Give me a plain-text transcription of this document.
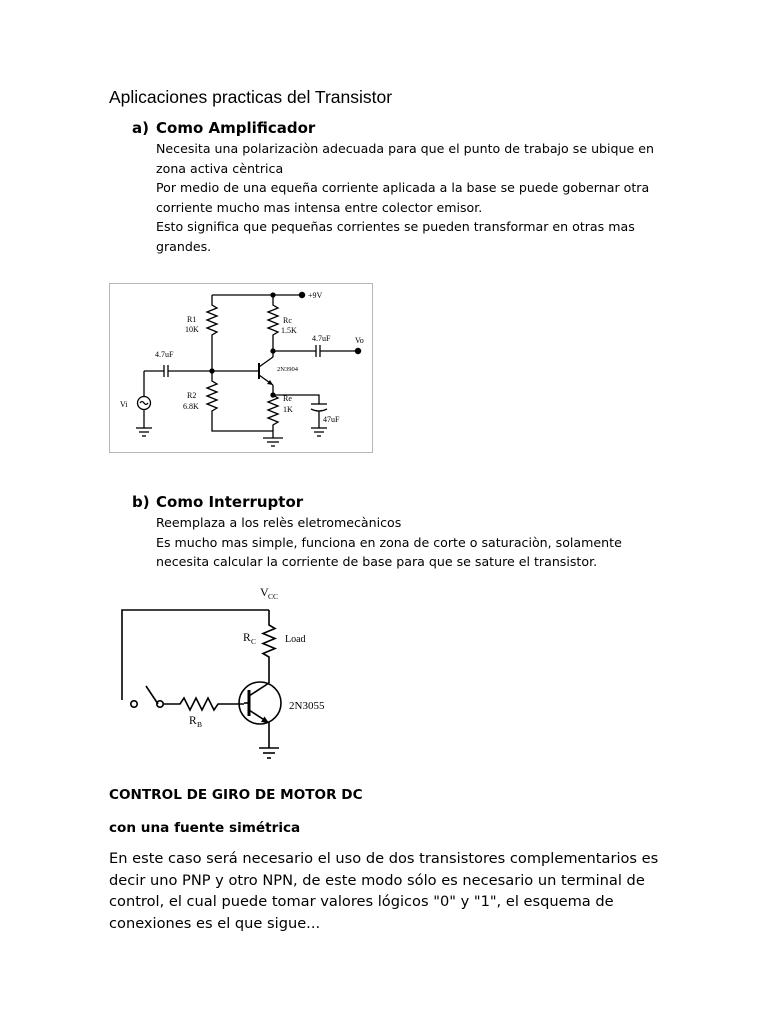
Aplicaciones practicas del Transistor
a) Como Amplificador
Necesita una polarizaciòn adecuada para que el punto de trabajo se ubique en
zona activa cèntrica
Por medio de una equeña corriente aplicada a la base se puede gobernar otra
corriente mucho mas intensa entre colector emisor.
Esto significa que pequeñas corrientes se pueden transformar en otras mas
grandes.
+9V
R1
10K
Rc
1.5K
4.7uF	Vo
4.7uF
2N3904
Vi
R2
6.8K
Re
1K
47uF
b) Como Interruptor
Reemplaza a los relès eletromecànicos
Es mucho mas simple, funciona en zona de corte o saturaciòn, solamente
necesita calcular la corriente de base para que se sature el transistor.
V CC
R C	Load
R B
2N3055
CONTROL DE GIRO DE MOTOR DC
con una fuente simétrica
En este caso será necesario el uso de dos transistores complementarios es
decir uno PNP y otro NPN, de este modo sólo es necesario un terminal de
control, el cual puede tomar valores lógicos "0" y "1", el esquema de
conexiones es el que sigue...
